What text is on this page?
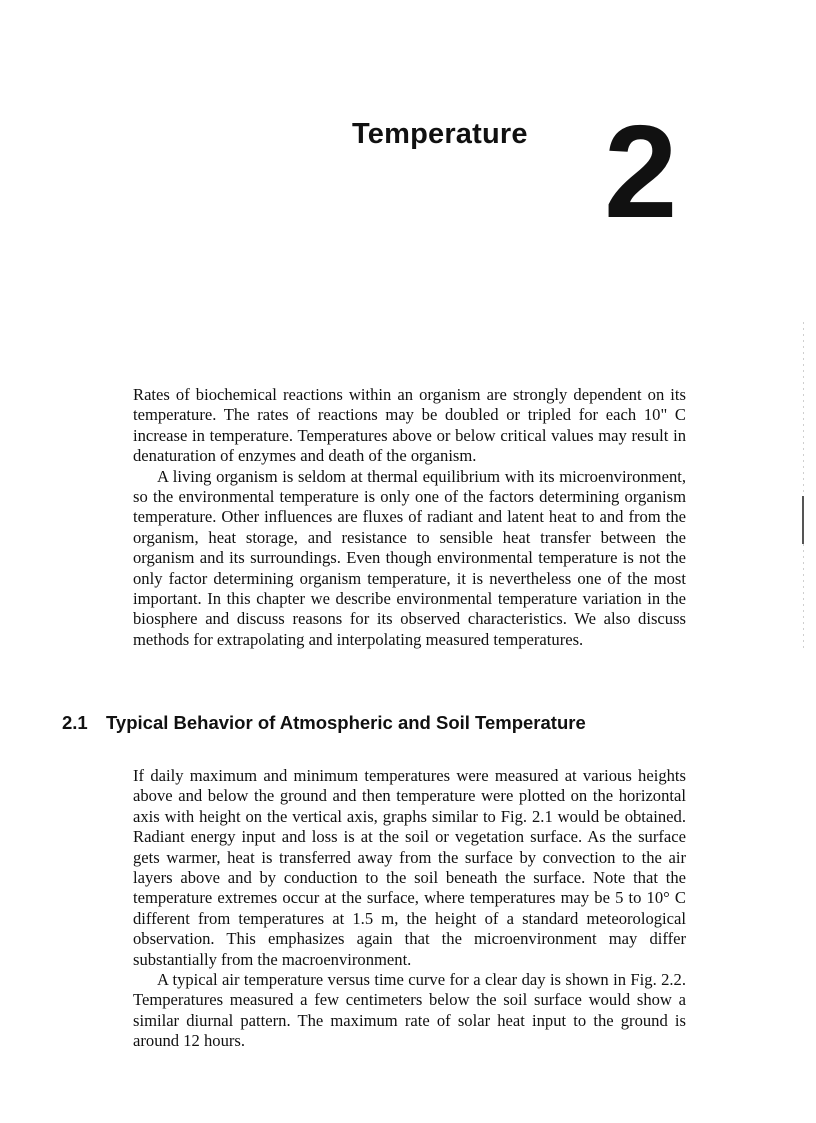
Temperature 2

Rates of biochemical reactions within an organism are strongly dependent on its temperature. The rates of reactions may be doubled or tripled for each 10" C increase in temperature. Temperatures above or below critical values may result in denaturation of enzymes and death of the organism.

A living organism is seldom at thermal equilibrium with its microenvironment, so the environmental temperature is only one of the factors determining organism temperature. Other influences are fluxes of radiant and latent heat to and from the organism, heat storage, and resistance to sensible heat transfer between the organism and its surroundings. Even though environmental temperature is not the only factor determining organism temperature, it is nevertheless one of the most important. In this chapter we describe environmental temperature variation in the biosphere and discuss reasons for its observed characteristics. We also discuss methods for extrapolating and interpolating measured temperatures.

2.1 Typical Behavior of Atmospheric and Soil Temperature

If daily maximum and minimum temperatures were measured at various heights above and below the ground and then temperature were plotted on the horizontal axis with height on the vertical axis, graphs similar to Fig. 2.1 would be obtained. Radiant energy input and loss is at the soil or vegetation surface. As the surface gets warmer, heat is transferred away from the surface by convection to the air layers above and by conduction to the soil beneath the surface. Note that the temperature extremes occur at the surface, where temperatures may be 5 to 10° C different from temperatures at 1.5 m, the height of a standard meteorological observation. This emphasizes again that the microenvironment may differ substantially from the macroenvironment.

A typical air temperature versus time curve for a clear day is shown in Fig. 2.2. Temperatures measured a few centimeters below the soil surface would show a similar diurnal pattern. The maximum rate of solar heat input to the ground is around 12 hours.
